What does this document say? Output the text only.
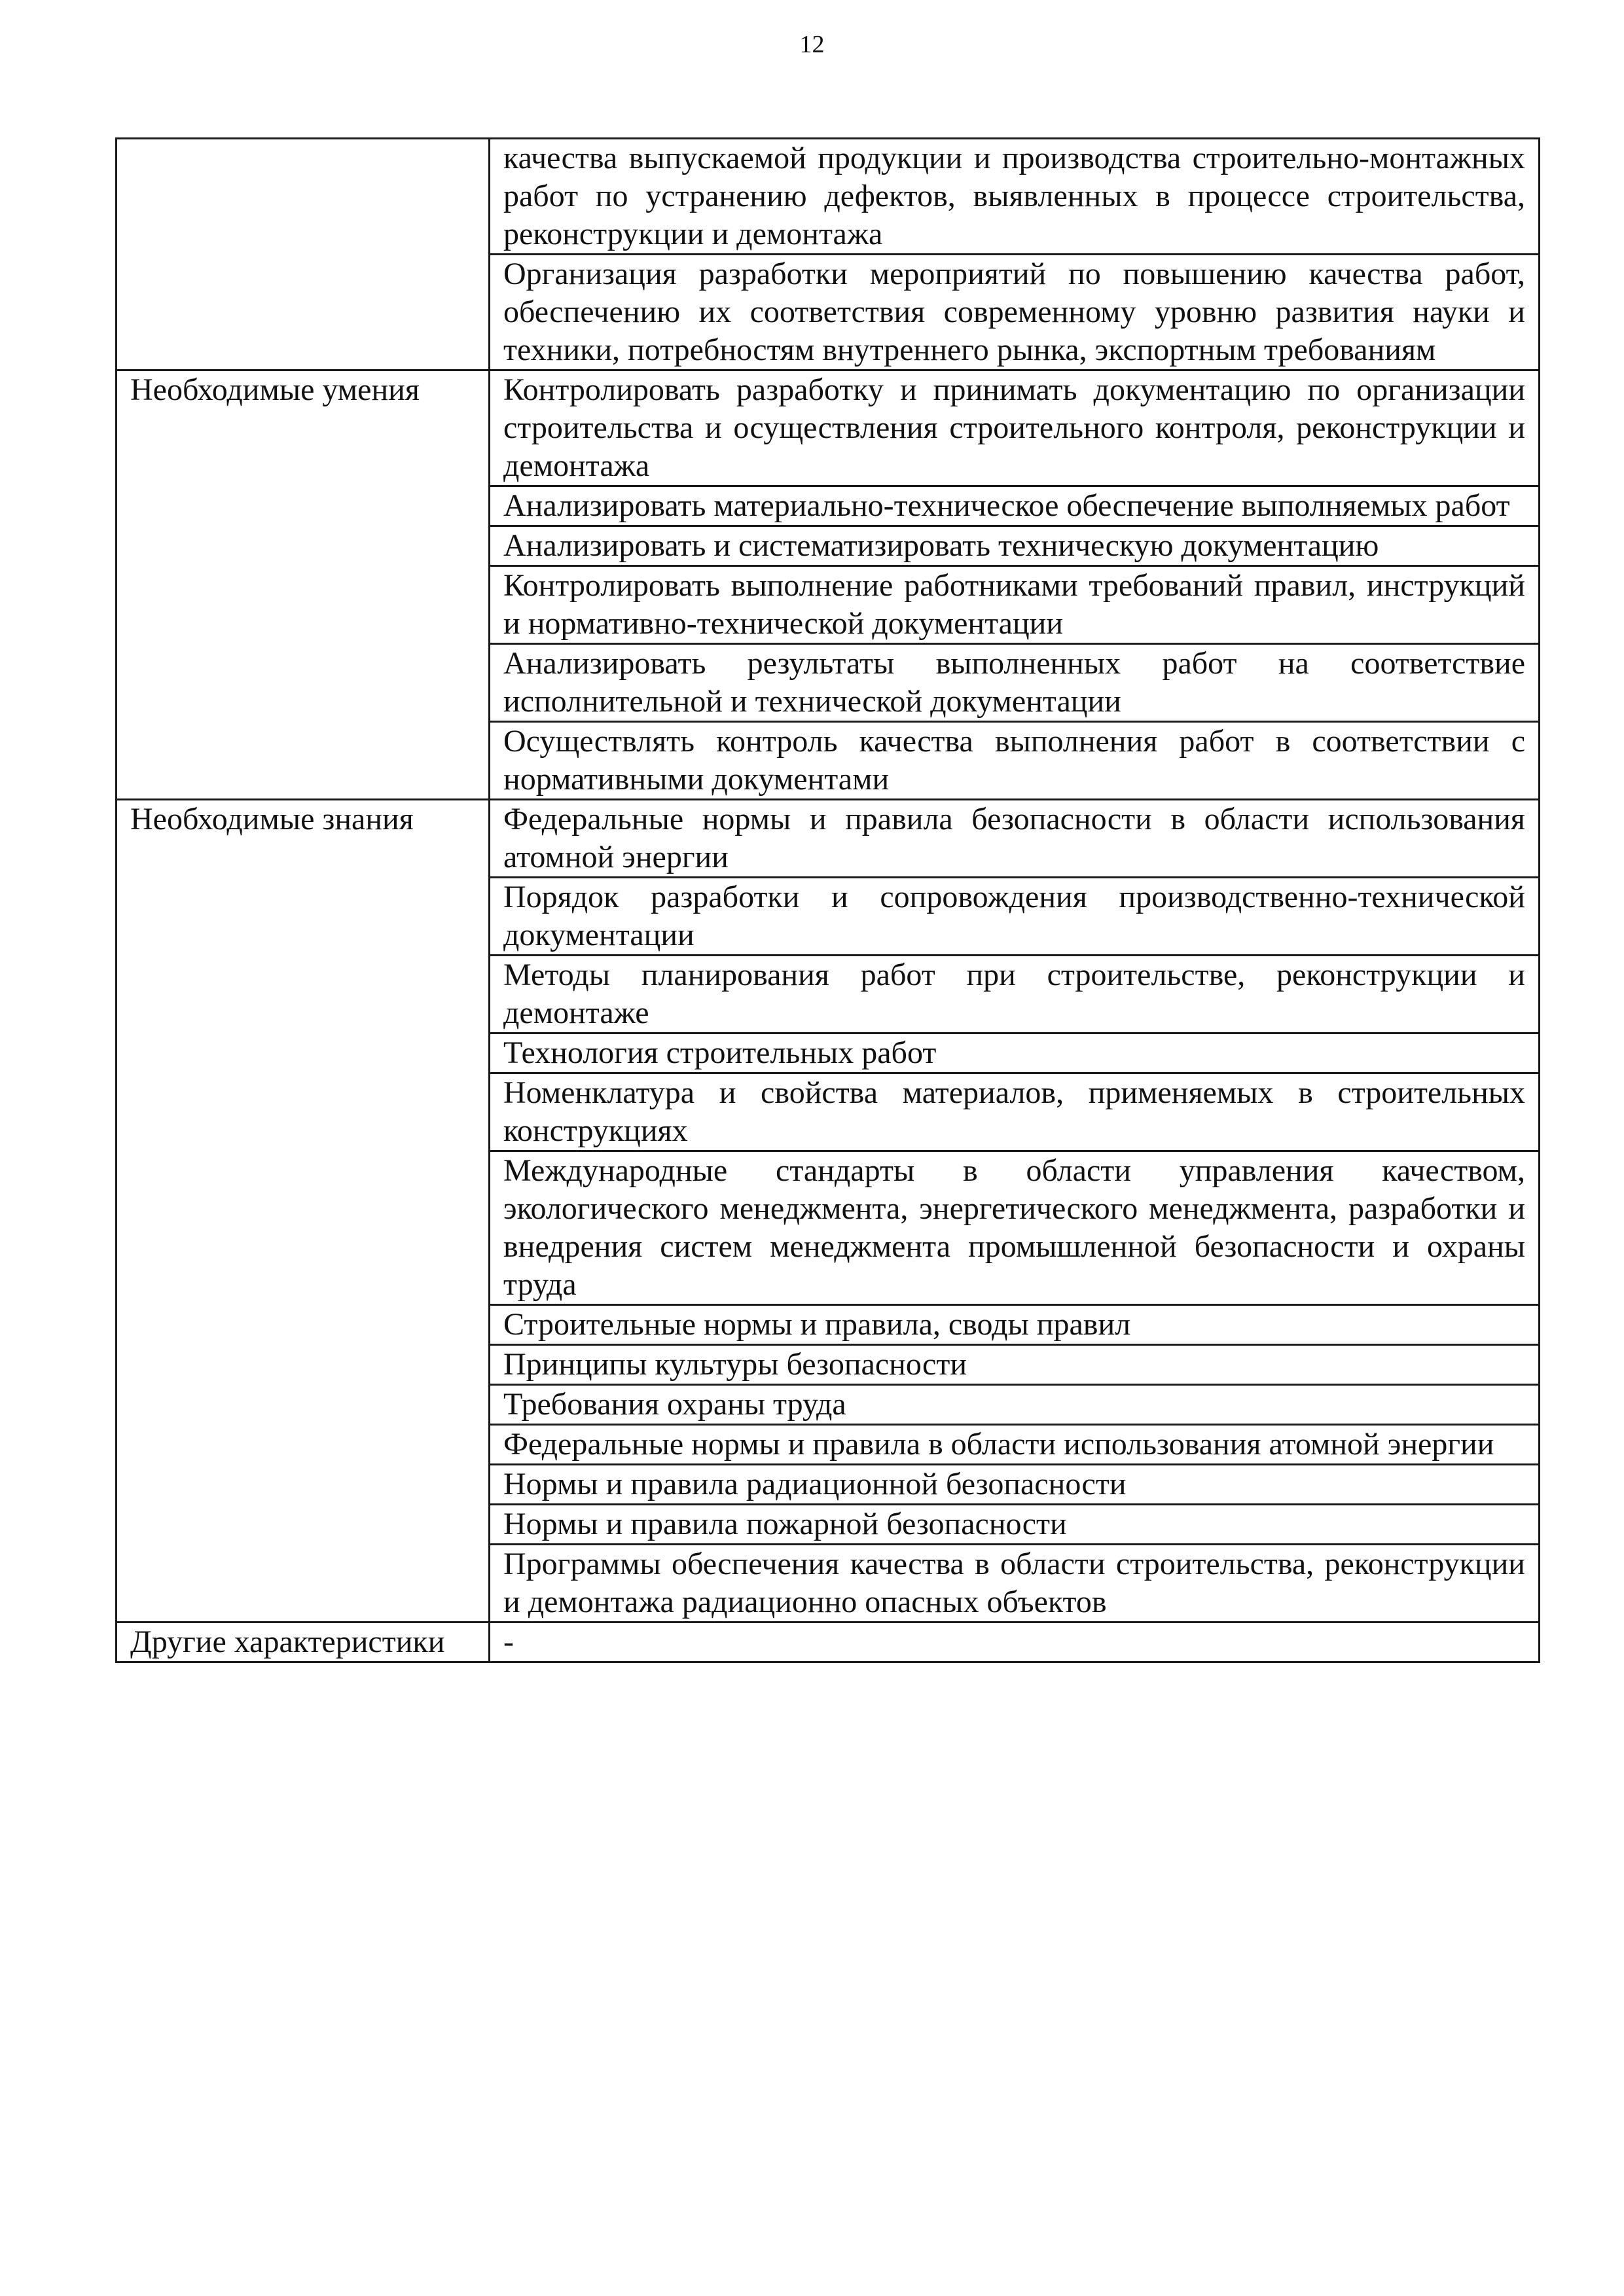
12
	качества выпускаемой продукции и производства строительно-монтажных работ по устранению дефектов, выявленных в процессе строительства, реконструкции и демонтажа
	Организация разработки мероприятий по повышению качества работ, обеспечению их соответствия современному уровню развития науки и техники, потребностям внутреннего рынка, экспортным требованиям
Необходимые умения	Контролировать разработку и принимать документацию по организации строительства и осуществления строительного контроля, реконструкции и демонтажа
	Анализировать материально-техническое обеспечение выполняемых работ
	Анализировать и систематизировать техническую документацию
	Контролировать выполнение работниками требований правил, инструкций и нормативно-технической документации
	Анализировать результаты выполненных работ на соответствие исполнительной и технической документации
	Осуществлять контроль качества выполнения работ в соответствии с нормативными документами
Необходимые знания	Федеральные нормы и правила безопасности в области использования атомной энергии
	Порядок разработки и сопровождения производственно-технической документации
	Методы планирования работ при строительстве, реконструкции и демонтаже
	Технология строительных работ
	Номенклатура и свойства материалов, применяемых в строительных конструкциях
	Международные стандарты в области управления качеством, экологического менеджмента, энергетического менеджмента, разработки и внедрения систем менеджмента промышленной безопасности и охраны труда
	Строительные нормы и правила, своды правил
	Принципы культуры безопасности
	Требования охраны труда
	Федеральные нормы и правила в области использования атомной энергии
	Нормы и правила радиационной безопасности
	Нормы и правила пожарной безопасности
	Программы обеспечения качества в области строительства, реконструкции и демонтажа радиационно опасных объектов
Другие характеристики	-
